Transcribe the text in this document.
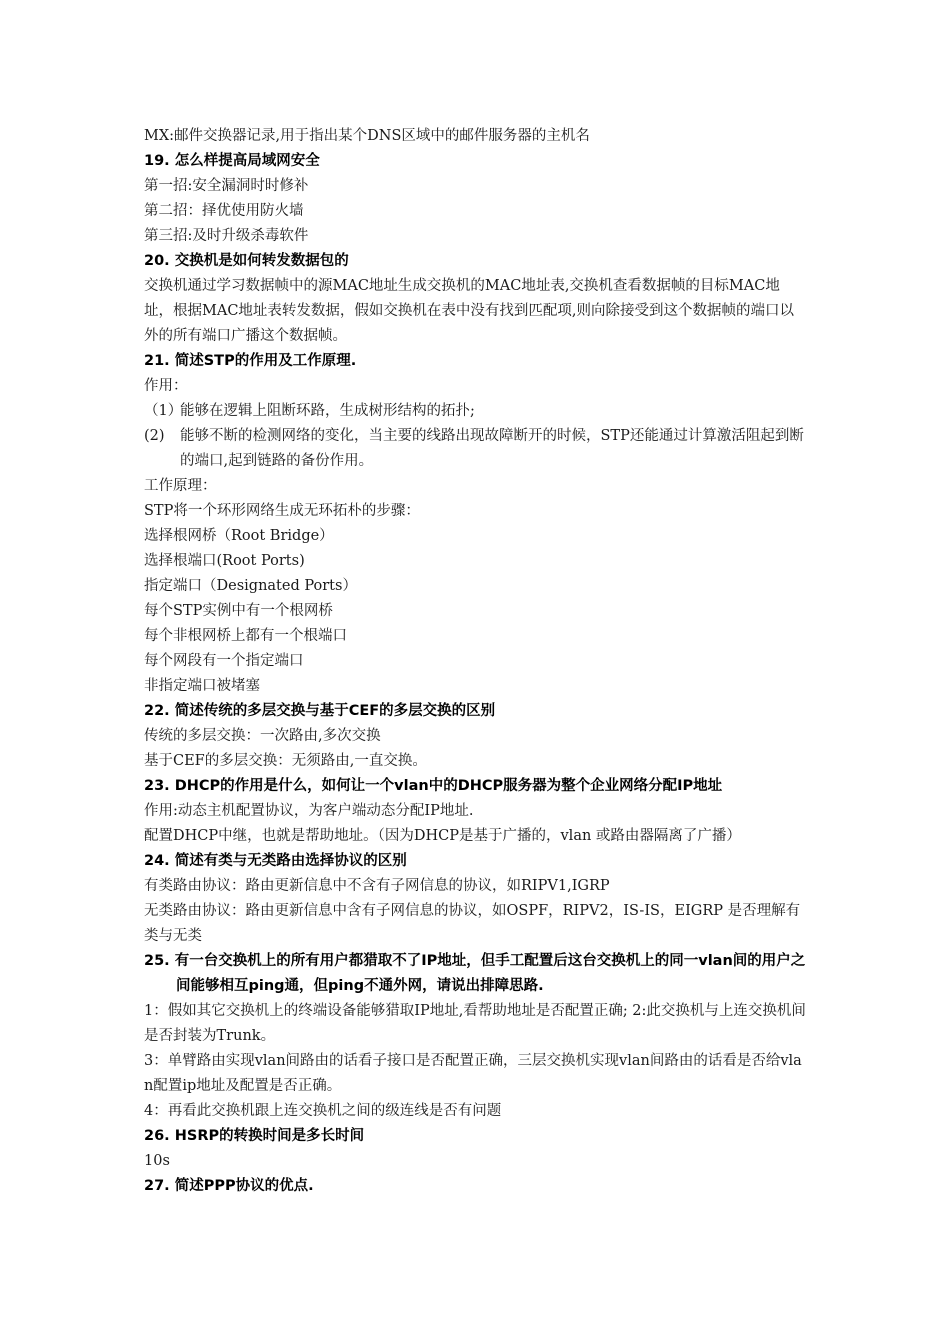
MX:邮件交换器记录,用于指出某个DNS区域中的邮件服务器的主机名

19. 怎么样提高局域网安全

第一招:安全漏洞时时修补

第二招：择优使用防火墙

第三招:及时升级杀毒软件

20. 交换机是如何转发数据包的

交换机通过学习数据帧中的源MAC地址生成交换机的MAC地址表,交换机查看数据帧的目标MAC地址，根据MAC地址表转发数据，假如交换机在表中没有找到匹配项,则向除接受到这个数据帧的端口以外的所有端口广播这个数据帧。

21. 简述STP的作用及工作原理.

作用：

（1）
能够在逻辑上阻断环路，生成树形结构的拓扑;
(2)	能够不断的检测网络的变化，当主要的线路出现故障断开的时候，STP还能通过计算激活阻起到断的端口,起到链路的备份作用。

工作原理：

STP将一个环形网络生成无环拓朴的步骤：

选择根网桥（Root Bridge）

选择根端口(Root Ports)

指定端口（Designated Ports）

每个STP实例中有一个根网桥

每个非根网桥上都有一个根端口

每个网段有一个指定端口

非指定端口被堵塞

22. 简述传统的多层交换与基于CEF的多层交换的区别

传统的多层交换：一次路由,多次交换

基于CEF的多层交换：无须路由,一直交换。

23. DHCP的作用是什么，如何让一个vlan中的DHCP服务器为整个企业网络分配IP地址

作用:动态主机配置协议，为客户端动态分配IP地址.

配置DHCP中继，也就是帮助地址。（因为DHCP是基于广播的，vlan 或路由器隔离了广播）

24. 简述有类与无类路由选择协议的区别

有类路由协议：路由更新信息中不含有子网信息的协议，如RIPV1,IGRP

无类路由协议：路由更新信息中含有子网信息的协议，如OSPF，RIPV2，IS-IS，EIGRP 是否理解有类与无类

25. 有一台交换机上的所有用户都猎取不了IP地址，但手工配置后这台交换机上的同一vlan间的用户之间能够相互ping通，但ping不通外网，请说出排障思路.

1：假如其它交换机上的终端设备能够猎取IP地址,看帮助地址是否配置正确; 2:此交换机与上连交换机间是否封装为Trunk。

3：单臂路由实现vlan间路由的话看子接口是否配置正确，三层交换机实现vlan间路由的话看是否给vlan配置ip地址及配置是否正确。

4：再看此交换机跟上连交换机之间的级连线是否有问题

26. HSRP的转换时间是多长时间

10s

27. 简述PPP协议的优点.
